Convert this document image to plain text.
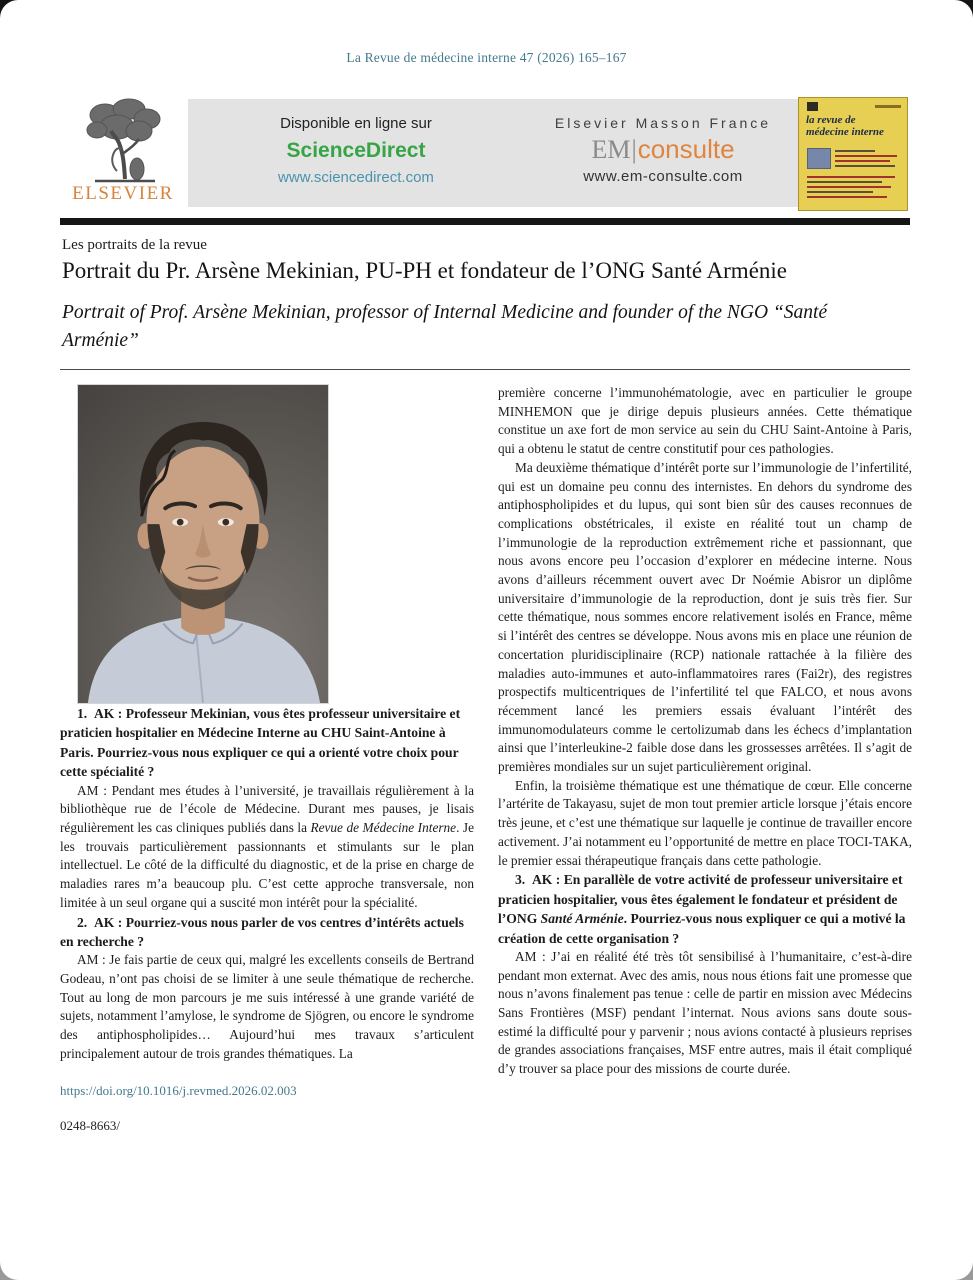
La Revue de médecine interne 47 (2026) 165–167
ELSEVIER
Disponible en ligne sur
ScienceDirect
www.sciencedirect.com
Elsevier Masson France
EM|consulte
www.em-consulte.com
la revue de
médecine interne
Les portraits de la revue
Portrait du Pr. Arsène Mekinian, PU-PH et fondateur de l’ONG Santé Arménie
Portrait of Prof. Arsène Mekinian, professor of Internal Medicine and founder of the NGO “Santé Arménie”

1.  AK : Professeur Mekinian, vous êtes professeur universitaire et praticien hospitalier en Médecine Interne au CHU Saint-Antoine à Paris. Pourriez-vous nous expliquer ce qui a orienté votre choix pour cette spécialité ?

AM : Pendant mes études à l’université, je travaillais régulièrement à la bibliothèque rue de l’école de Médecine. Durant mes pauses, je lisais régulièrement les cas cliniques publiés dans la Revue de Médecine Interne. Je les trouvais particulièrement passionnants et stimulants sur le plan intellectuel. Le côté de la difficulté du diagnostic, et de la prise en charge de maladies rares m’a beaucoup plu. C’est cette approche transversale, non limitée à un seul organe qui a suscité mon intérêt pour la spécialité.

2.  AK : Pourriez-vous nous parler de vos centres d’intérêts actuels en recherche ?

AM : Je fais partie de ceux qui, malgré les excellents conseils de Bertrand Godeau, n’ont pas choisi de se limiter à une seule thématique de recherche. Tout au long de mon parcours je me suis intéressé à une grande variété de sujets, notamment l’amylose, le syndrome de Sjögren, ou encore le syndrome des antiphospholipides… Aujourd’hui mes travaux s’articulent principalement autour de trois grandes thématiques. La

https://doi.org/10.1016/j.revmed.2026.02.003
0248-8663/

première concerne l’immunohématologie, avec en particulier le groupe MINHEMON que je dirige depuis plusieurs années. Cette thématique constitue un axe fort de mon service au sein du CHU Saint-Antoine à Paris, qui a obtenu le statut de centre constitutif pour ces pathologies.

Ma deuxième thématique d’intérêt porte sur l’immunologie de l’infertilité, qui est un domaine peu connu des internistes. En dehors du syndrome des antiphospholipides et du lupus, qui sont bien sûr des causes reconnues de complications obstétricales, il existe en réalité tout un champ de l’immunologie de la reproduction extrêmement riche et passionnant, que nous avons encore peu l’occasion d’explorer en médecine interne. Nous avons d’ailleurs récemment ouvert avec Dr Noémie Abisror un diplôme universitaire d’immunologie de la reproduction, dont je suis très fier. Sur cette thématique, nous sommes encore relativement isolés en France, même si l’intérêt des centres se développe. Nous avons mis en place une réunion de concertation pluridisciplinaire (RCP) nationale rattachée à la filière des maladies auto-immunes et auto-inflammatoires rares (Fai2r), des registres prospectifs multicentriques de l’infertilité tel que FALCO, et nous avons récemment lancé les premiers essais évaluant l’intérêt des immunomodulateurs comme le certolizumab dans les échecs d’implantation ainsi que l’interleukine-2 faible dose dans les grossesses arrêtées. Il s’agit de premières mondiales sur un sujet particulièrement original.

Enfin, la troisième thématique est une thématique de cœur. Elle concerne l’artérite de Takayasu, sujet de mon tout premier article lorsque j’étais encore très jeune, et c’est une thématique sur laquelle je continue de travailler encore activement. J’ai notamment eu l’opportunité de mettre en place TOCI-TAKA, le premier essai thérapeutique français dans cette pathologie.

3.  AK : En parallèle de votre activité de professeur universitaire et praticien hospitalier, vous êtes également le fondateur et président de l’ONG Santé Arménie. Pourriez-vous nous expliquer ce qui a motivé la création de cette organisation ?

AM : J’ai en réalité été très tôt sensibilisé à l’humanitaire, c’est-à-dire pendant mon externat. Avec des amis, nous nous étions fait une promesse que nous n’avons finalement pas tenue : celle de partir en mission avec Médecins Sans Frontières (MSF) pendant l’internat. Nous avions sans doute sous-estimé la difficulté pour y parvenir ; nous avions contacté à plusieurs reprises de grandes associations françaises, MSF entre autres, mais il était compliqué d’y trouver sa place pour des missions de courte durée.
